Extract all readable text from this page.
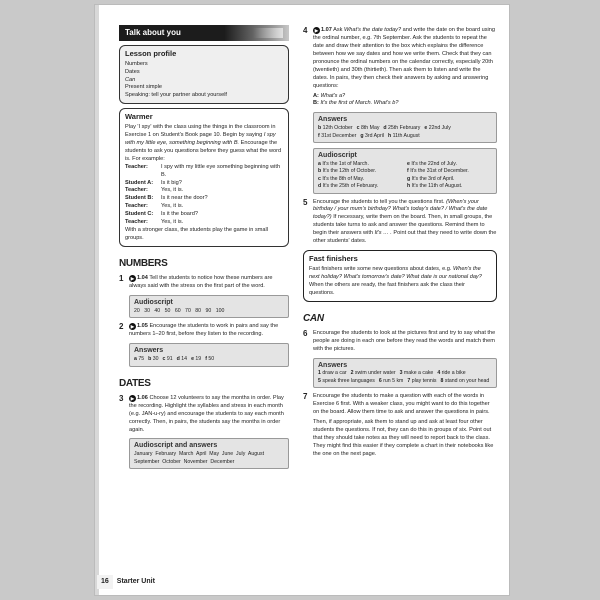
Talk about you
Lesson profile
Numbers
Dates
Can
Present simple
Speaking: tell your partner about yourself
Warmer
Play 'I spy' with the class using the things in the classroom in Exercise 1 on Student's Book page 10. Begin by saying I spy with my little eye, something beginning with B. Encourage the students to ask you questions before they guess what the word is. For example:
Teacher:	I spy with my little eye something beginning with B.
Student A:	Is it big?
Teacher:	Yes, it is.
Student B:	Is it near the door?
Teacher:	Yes, it is.
Student C:	Is it the board?
Teacher:	Yes, it is.
With a stronger class, the students play the game in small groups.
NUMBERS
1	▶ 1.04 Tell the students to notice how these numbers are always said with the stress on the first part of the word.
Audioscript
20 30 40 50 60 70 80 90 100
2	▶ 1.05 Encourage the students to work in pairs and say the numbers 1–20 first, before they listen to the recording.
Answers
a 75 b 30 c 91 d 14 e 19 f 50
DATES
3	▶ 1.06 Choose 12 volunteers to say the months in order. Play the recording. Highlight the syllables and stress in each month (e.g. JAN-u-ry) and encourage the students to say each month correctly. Then, in pairs, the students say the months in order again.
Audioscript and answers
January  February  March  April  May  June  July  August  September  October  November  December
4	▶ 1.07 Ask What's the date today? and write the date on the board using the ordinal number, e.g. 7th September. Ask the students to repeat the date and draw their attention to the box which explains the difference between how we say dates and how we write them. Check that they can pronounce the ordinal numbers on the calendar correctly, especially 20th (twentieth) and 30th (thirtieth). Then ask them to listen and write the dates. In pairs, they then check their answers by asking and answering questions:
A: What's a?
B: It's the first of March. What's b?
Answers
b 12th October c 8th May d 25th February e 22nd July
f 31st December g 3rd April h 11th August
Audioscript
a It's the 1st of March.
b It's the 12th of October.
c It's the 8th of May.
d It's the 25th of February.
e It's the 22nd of July.
f It's the 31st of December.
g It's the 3rd of April.
h It's the 11th of August.
5 Encourage the students to tell you the questions first. (When's your birthday / your mum's birthday? What's today's date? / What's the date today?) If necessary, write them on the board. Then, in small groups, the students take turns to ask and answer the questions. Remind them to begin their answers with It's … . Point out that they need to write down the other students' dates.
Fast finishers
Fast finishers write some new questions about dates, e.g. When's the next holiday? What's tomorrow's date? What date is our national day? When the others are ready, the fast finishers ask the class their questions.
CAN
6 Encourage the students to look at the pictures first and try to say what the people are doing in each one before they read the words and match them with the pictures.
Answers
1 draw a car 2 swim under water 3 make a cake 4 ride a bike
5 speak three languages 6 run 5 km 7 play tennis 8 stand on your head
7 Encourage the students to make a question with each of the words in Exercise 6 first. With a weaker class, you might want to do this together on the board. Allow them time to ask and answer the questions in pairs.
Then, if appropriate, ask them to stand up and ask at least four other students the questions. If not, they can do this in groups of six. Point out that they should take notes as they will need to report back to the class. They might find this easier if they complete a chart in their notebooks like the one on the next page.
16	Starter Unit
